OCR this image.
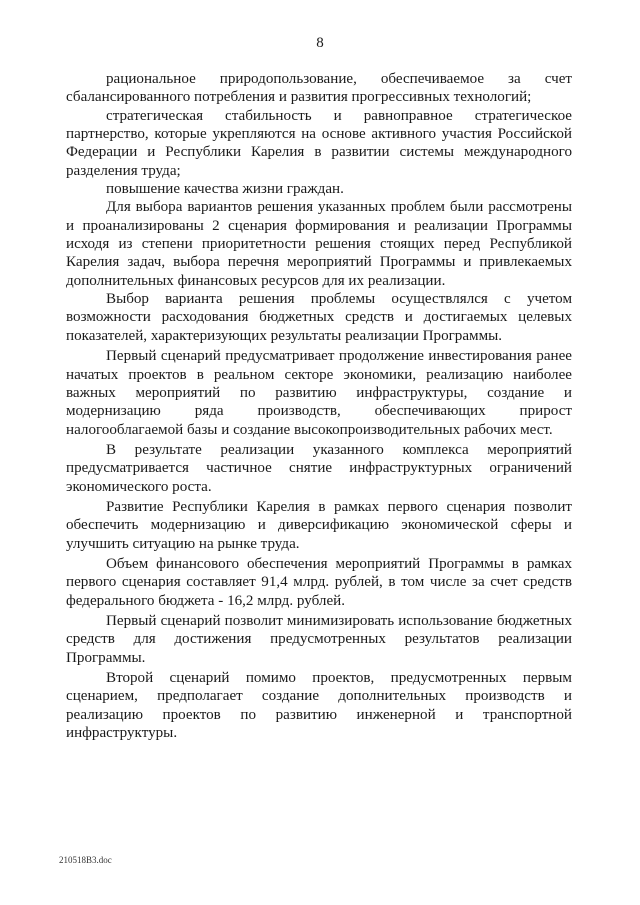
8

рациональное природопользование, обеспечиваемое за счет сбалансированного потребления и развития прогрессивных технологий;

стратегическая стабильность и равноправное стратегическое партнерство, которые укрепляются на основе активного участия Российской Федерации и Республики Карелия в развитии системы международного разделения труда;

повышение качества жизни граждан.

Для выбора вариантов решения указанных проблем были рассмотрены и проанализированы 2 сценария формирования и реализации Программы исходя из степени приоритетности решения стоящих перед Республикой Карелия задач, выбора перечня мероприятий Программы и привлекаемых дополнительных финансовых ресурсов для их реализации.

Выбор варианта решения проблемы осуществлялся с учетом возможности расходования бюджетных средств и достигаемых целевых показателей, характеризующих результаты реализации Программы.

Первый сценарий предусматривает продолжение инвестирования ранее начатых проектов в реальном секторе экономики, реализацию наиболее важных мероприятий по развитию инфраструктуры, создание и модернизацию ряда производств, обеспечивающих прирост налогооблагаемой базы и создание высокопроизводительных рабочих мест.

В результате реализации указанного комплекса мероприятий предусматривается частичное снятие инфраструктурных ограничений экономического роста.

Развитие Республики Карелия в рамках первого сценария позволит обеспечить модернизацию и диверсификацию экономической сферы и улучшить ситуацию на рынке труда.

Объем финансового обеспечения мероприятий Программы в рамках первого сценария составляет 91,4 млрд. рублей, в том числе за счет средств федерального бюджета - 16,2 млрд. рублей.

Первый сценарий позволит минимизировать использование бюджетных средств для достижения предусмотренных результатов реализации Программы.

Второй сценарий помимо проектов, предусмотренных первым сценарием, предполагает создание дополнительных производств и реализацию проектов по развитию инженерной и транспортной инфраструктуры.

210518B3.doc
